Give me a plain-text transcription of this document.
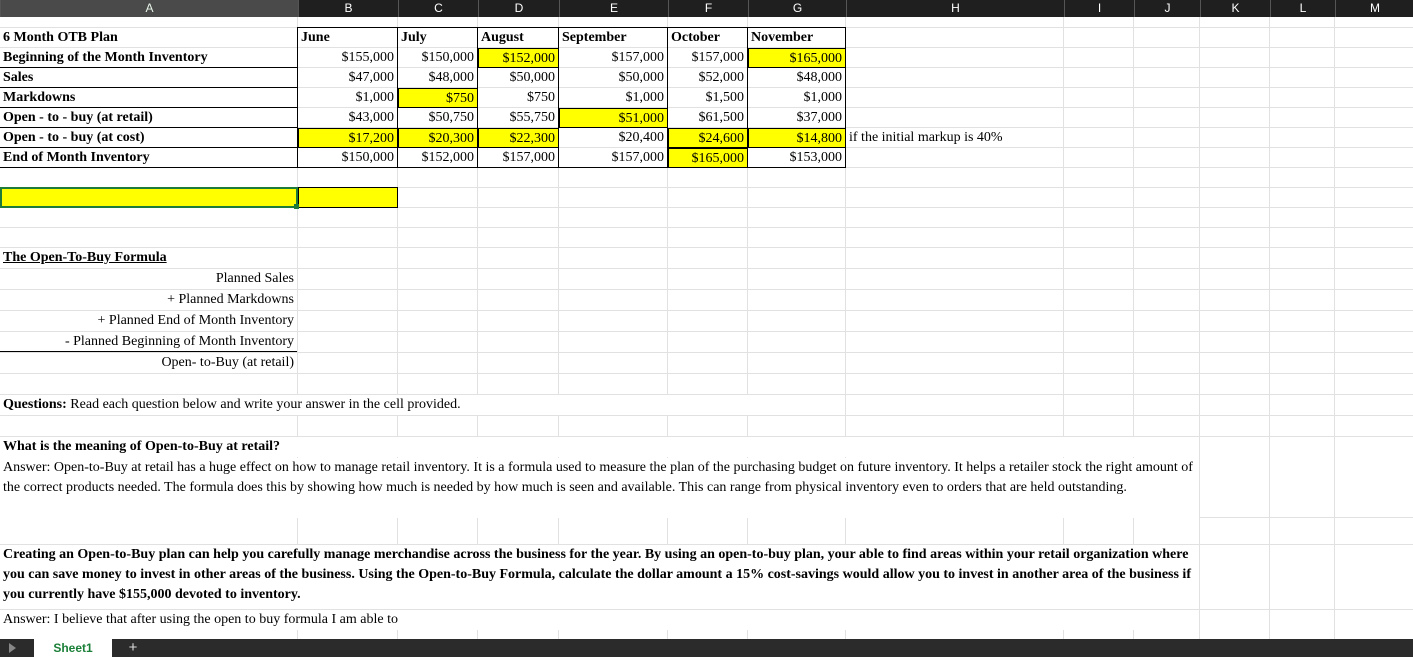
A	B	C	D	E	F	G	H	I	J	K	L	M
6 Month OTB Plan	June	July	August	September	October	November
Beginning of the Month Inventory	$155,000	$150,000	$152,000	$157,000	$157,000	$165,000
Sales	$47,000	$48,000	$50,000	$50,000	$52,000	$48,000
Markdowns	$1,000	$750	$750	$1,000	$1,500	$1,000
Open - to - buy (at retail)	$43,000	$50,750	$55,750	$51,000	$61,500	$37,000
Open - to - buy (at cost)	$17,200	$20,300	$22,300	$20,400	$24,600	$14,800 if the initial markup is 40%
End of Month Inventory	$150,000	$152,000	$157,000	$157,000	$165,000	$153,000
The Open-To-Buy Formula
Planned Sales
+ Planned Markdowns
+ Planned End of Month Inventory
- Planned Beginning of Month Inventory
Open- to-Buy (at retail)
Questions: Read each question below and write your answer in the cell provided.
What is the meaning of Open-to-Buy at retail?
Answer: Open-to-Buy at retail has a huge effect on how to manage retail inventory. It is a formula used to measure the plan of the purchasing budget on future inventory. It helps a retailer stock the right amount of the correct products needed. The formula does this by showing how much is needed by how much is seen and available. This can range from physical inventory even to orders that are held outstanding.
Creating an Open-to-Buy plan can help you carefully manage merchandise across the business for the year. By using an open-to-buy plan, your able to find areas within your retail organization where you can save money to invest in other areas of the business. Using the Open-to-Buy Formula, calculate the dollar amount a 15% cost-savings would allow you to invest in another area of the business if you currently have $155,000 devoted to inventory.
Answer: I believe that after using the open to buy formula I am able to
Sheet1	+
